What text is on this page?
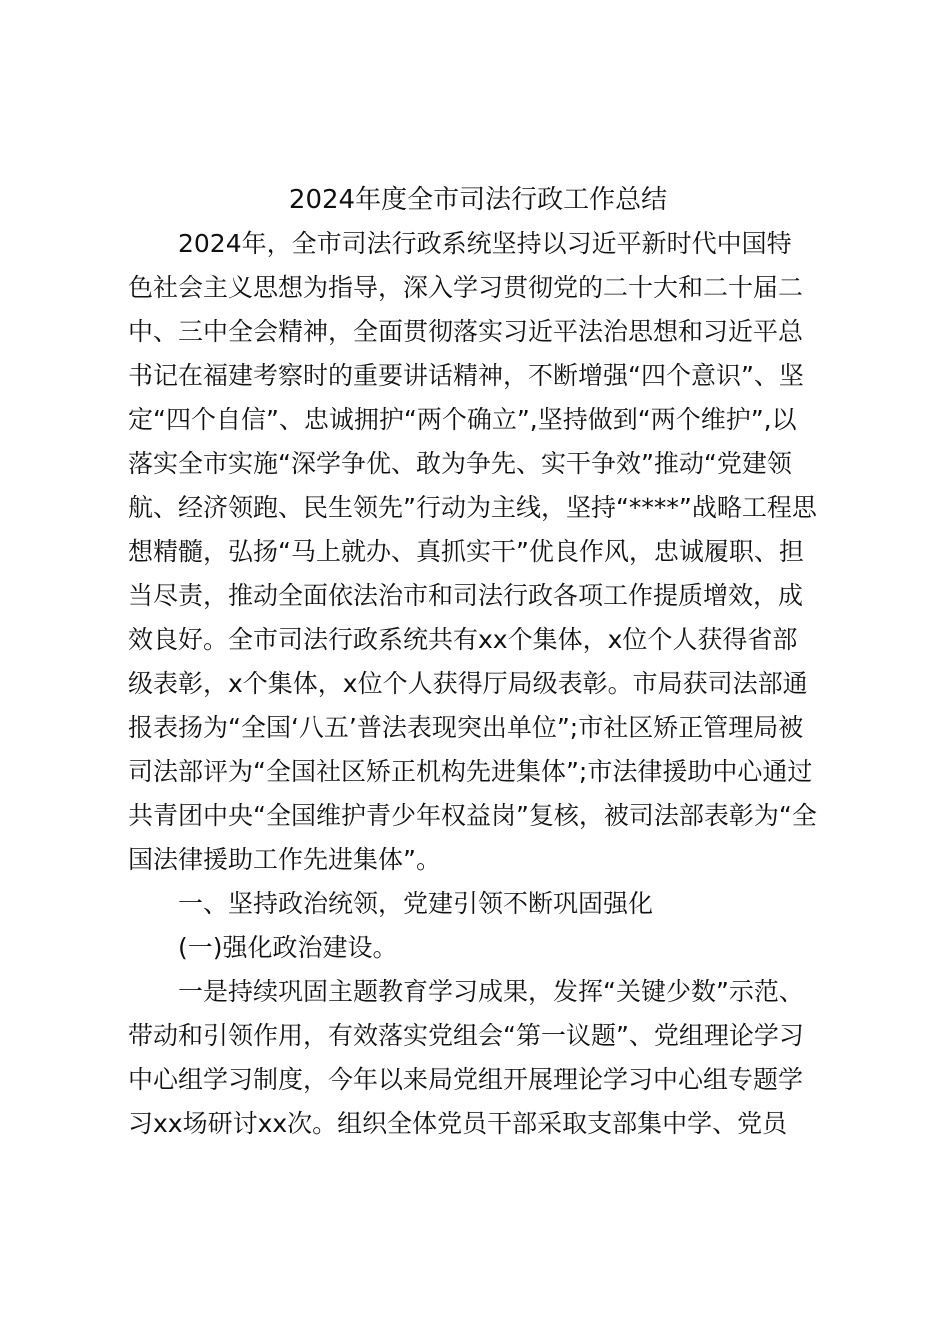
2024年度全市司法行政工作总结
2024年，全市司法行政系统坚持以习近平新时代中国特
色社会主义思想为指导，深入学习贯彻党的二十大和二十届二
中、三中全会精神，全面贯彻落实习近平法治思想和习近平总
书记在福建考察时的重要讲话精神，不断增强“四个意识”、坚
定“四个自信”、忠诚拥护“两个确立”,坚持做到“两个维护”,以
落实全市实施“深学争优、敢为争先、实干争效”推动“党建领
航、经济领跑、民生领先”行动为主线，坚持“****”战略工程思
想精髓，弘扬“马上就办、真抓实干”优良作风，忠诚履职、担
当尽责，推动全面依法治市和司法行政各项工作提质增效，成
效良好。全市司法行政系统共有xx个集体，x位个人获得省部
级表彰，x个集体，x位个人获得厅局级表彰。市局获司法部通
报表扬为“全国‘八五’普法表现突出单位”;市社区矫正管理局被
司法部评为“全国社区矫正机构先进集体”;市法律援助中心通过
共青团中央“全国维护青少年权益岗”复核，被司法部表彰为“全
国法律援助工作先进集体”。
一、坚持政治统领，党建引领不断巩固强化
(一)强化政治建设。
一是持续巩固主题教育学习成果，发挥“关键少数”示范、
带动和引领作用，有效落实党组会“第一议题”、党组理论学习
中心组学习制度，今年以来局党组开展理论学习中心组专题学
习xx场研讨xx次。组织全体党员干部采取支部集中学、党员
